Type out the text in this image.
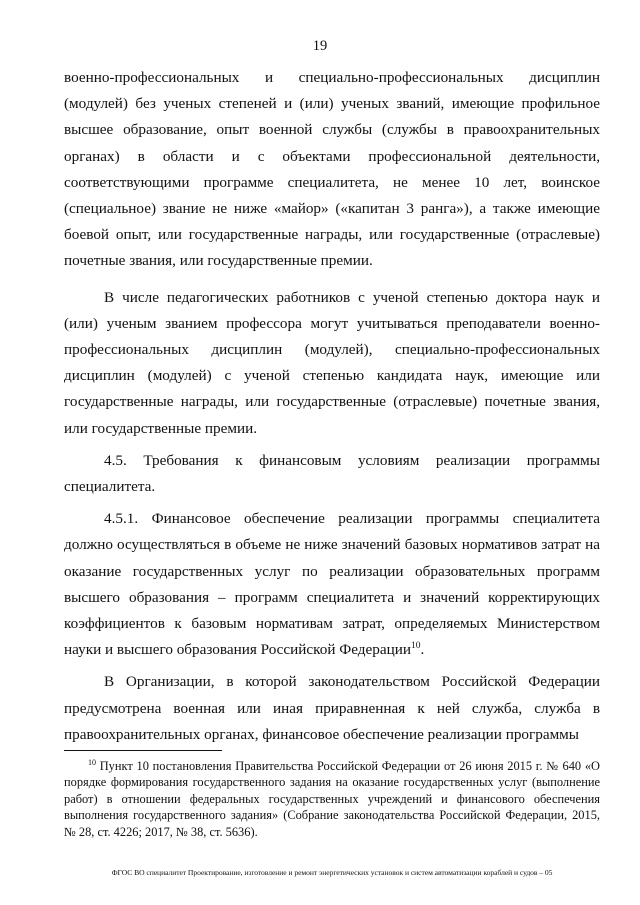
19

военно-профессиональных и специально-профессиональных дисциплин (модулей) без ученых степеней и (или) ученых званий, имеющие профильное высшее образование, опыт военной службы (службы в правоохранительных органах) в области и с объектами профессиональной деятельности, соответствующими программе специалитета, не менее 10 лет, воинское (специальное) звание не ниже «майор» («капитан 3 ранга»), а также имеющие боевой опыт, или государственные награды, или государственные (отраслевые) почетные звания, или государственные премии.

В числе педагогических работников с ученой степенью доктора наук и (или) ученым званием профессора могут учитываться преподаватели военно-профессиональных дисциплин (модулей), специально-профессиональных дисциплин (модулей) с ученой степенью кандидата наук, имеющие или государственные награды, или государственные (отраслевые) почетные звания, или государственные премии.

4.5. Требования к финансовым условиям реализации программы специалитета.

4.5.1. Финансовое обеспечение реализации программы специалитета должно осуществляться в объеме не ниже значений базовых нормативов затрат на оказание государственных услуг по реализации образовательных программ высшего образования – программ специалитета и значений корректирующих коэффициентов к базовым нормативам затрат, определяемых Министерством науки и высшего образования Российской Федерации$^{10}$.

В Организации, в которой законодательством Российской Федерации предусмотрена военная или иная приравненная к ней служба, служба в правоохранительных органах, финансовое обеспечение реализации программы

$^{10}$ Пункт 10 постановления Правительства Российской Федерации от 26 июня 2015 г. № 640 «О порядке формирования государственного задания на оказание государственных услуг (выполнение работ) в отношении федеральных государственных учреждений и финансового обеспечения выполнения государственного задания» (Собрание законодательства Российской Федерации, 2015, № 28, ст. 4226; 2017, № 38, ст. 5636).

ФГОС ВО специалитет Проектирование, изготовление и ремонт энергетических установок и систем автоматизации кораблей и судов – 05
